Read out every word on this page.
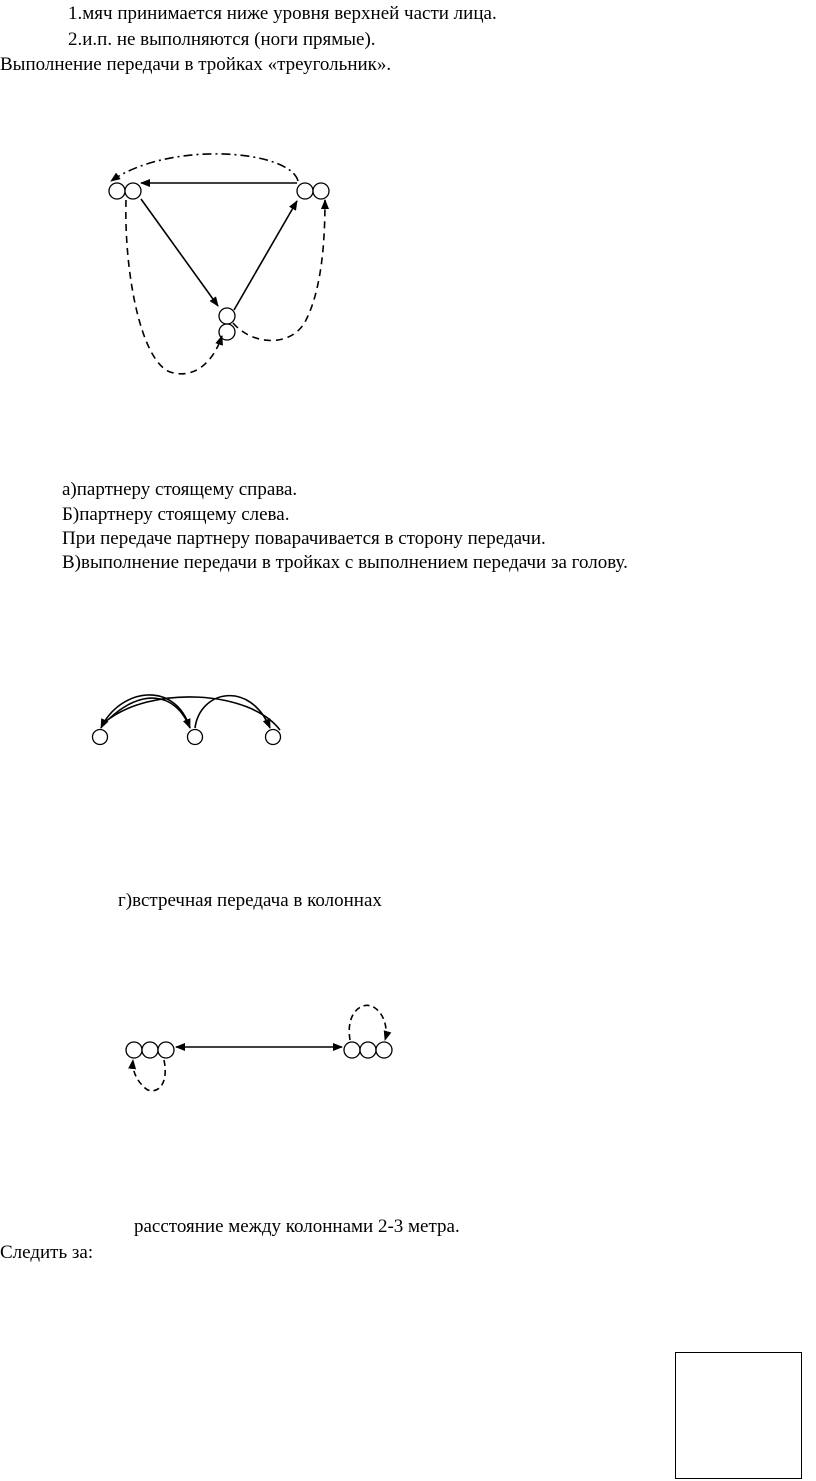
1.мяч принимается ниже уровня верхней части лица.
2.и.п. не выполняются (ноги прямые).
Выполнение передачи в тройках «треугольник».
а)партнеру стоящему справа.
Б)партнеру стоящему слева.
При передаче партнеру поварачивается в сторону передачи.
В)выполнение передачи в тройках с выполнением передачи за голову.
г)встречная передача в колоннах
расстояние между колоннами 2-3 метра.
Следить за:
